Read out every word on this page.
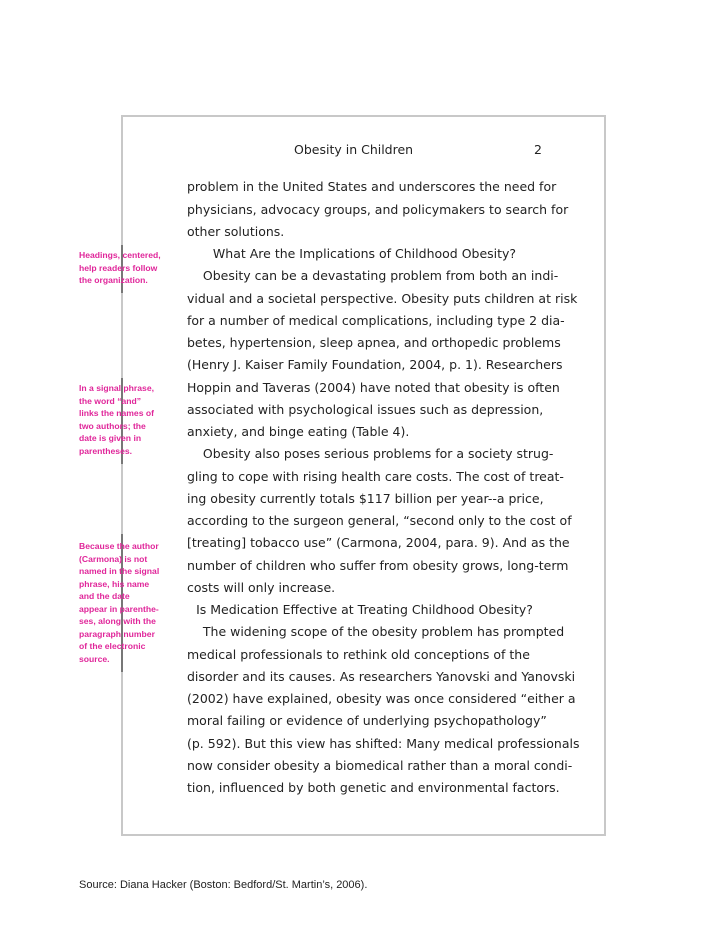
Obesity in Children	2
problem in the United States and underscores the need for
physicians, advocacy groups, and policymakers to search for
other solutions.
What Are the Implications of Childhood Obesity?
Obesity can be a devastating problem from both an indi-
vidual and a societal perspective. Obesity puts children at risk
for a number of medical complications, including type 2 dia-
betes, hypertension, sleep apnea, and orthopedic problems
(Henry J. Kaiser Family Foundation, 2004, p. 1). Researchers
Hoppin and Taveras (2004) have noted that obesity is often
associated with psychological issues such as depression,
anxiety, and binge eating (Table 4).
Obesity also poses serious problems for a society strug-
gling to cope with rising health care costs. The cost of treat-
ing obesity currently totals $117 billion per year--a price,
according to the surgeon general, “second only to the cost of
[treating] tobacco use” (Carmona, 2004, para. 9). And as the
number of children who suffer from obesity grows, long-term
costs will only increase.
Is Medication Effective at Treating Childhood Obesity?
The widening scope of the obesity problem has prompted
medical professionals to rethink old conceptions of the
disorder and its causes. As researchers Yanovski and Yanovski
(2002) have explained, obesity was once considered “either a
moral failing or evidence of underlying psychopathology”
(p. 592). But this view has shifted: Many medical professionals
now consider obesity a biomedical rather than a moral condi-
tion, influenced by both genetic and environmental factors.
Headings, centered,
help readers follow
the organization.
In a signal phrase,
the word “and”
links the names of
two authors; the
date is given in
parentheses.
Because the author
(Carmona) is not
named in the signal
phrase, his name
and the date
appear in parenthe-
ses, along with the
paragraph number
of the electronic
source.
Source: Diana Hacker (Boston: Bedford/St. Martin’s, 2006).
